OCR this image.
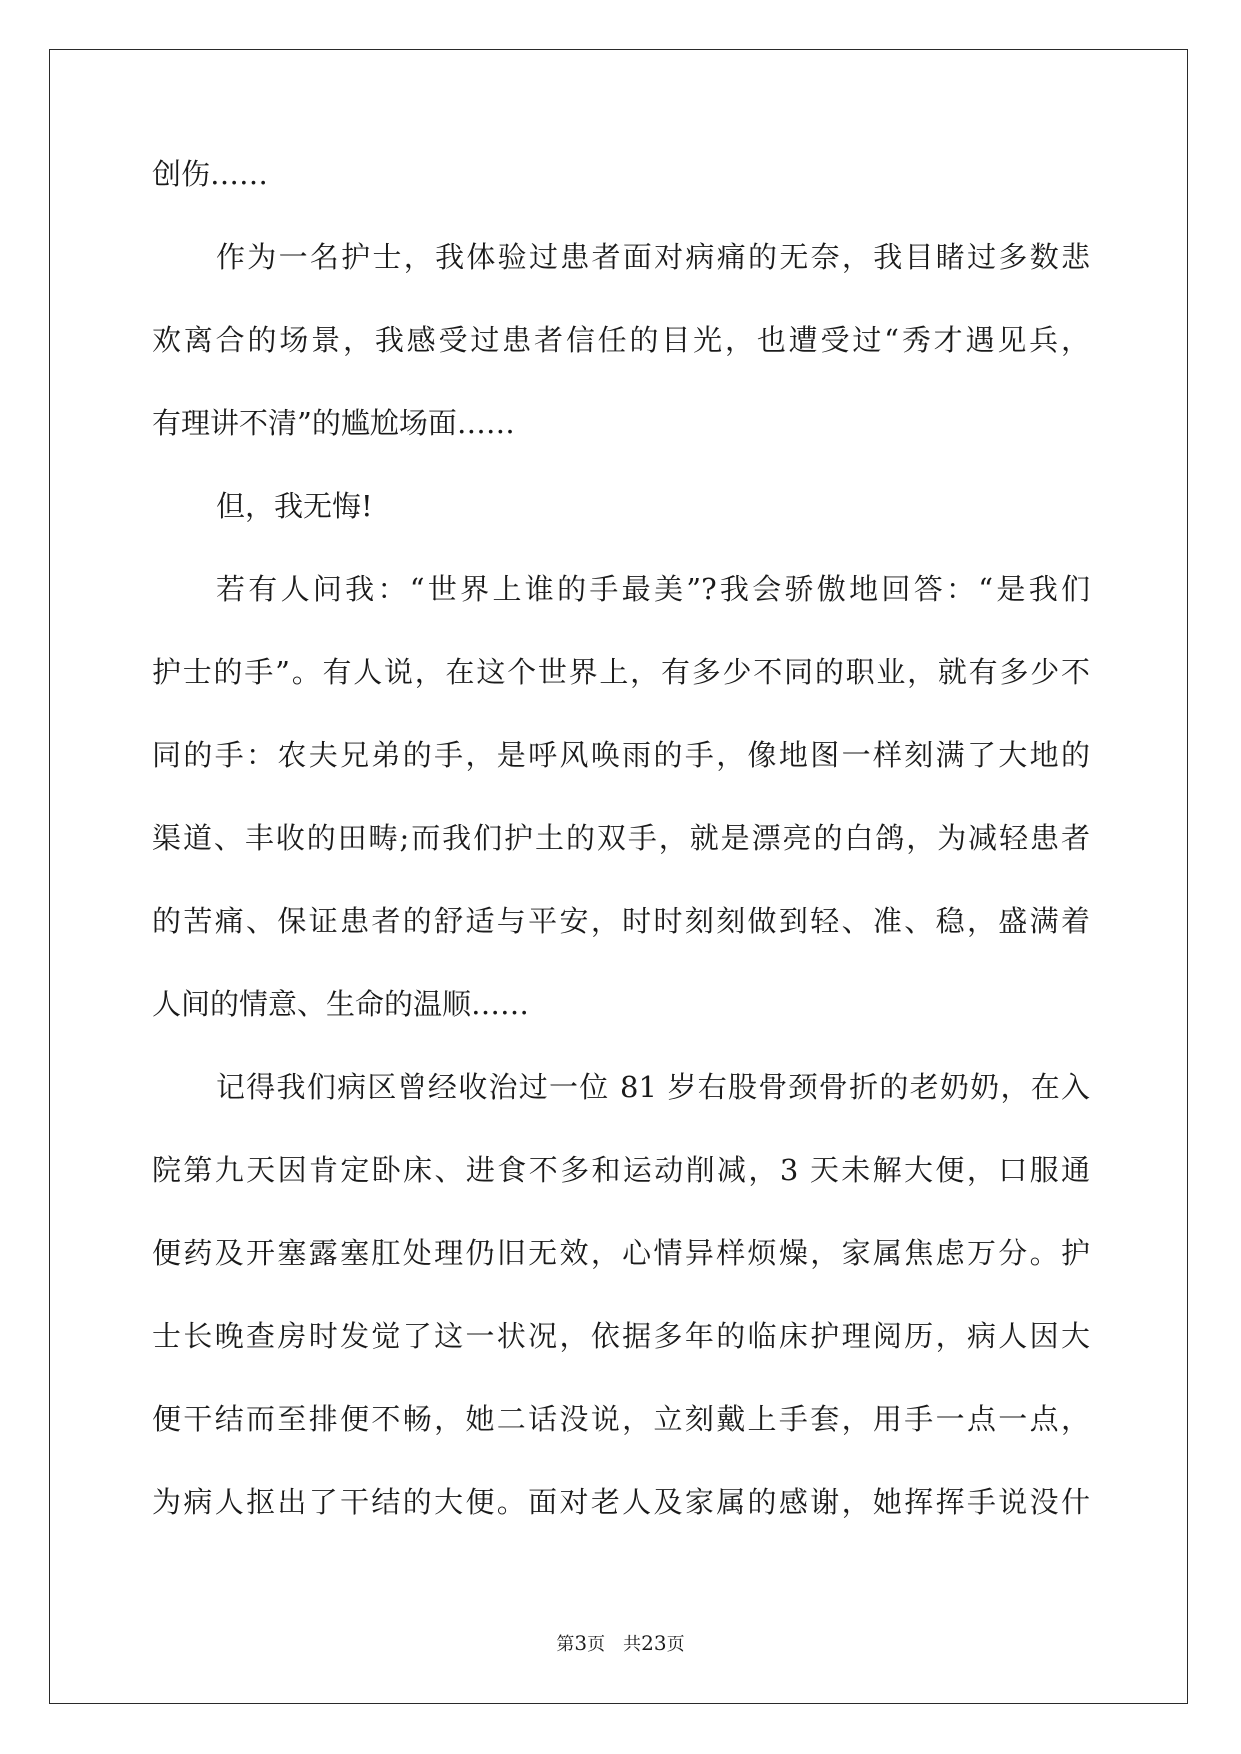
创伤……
作为一名护士，我体验过患者面对病痛的无奈，我目睹过多数悲
欢离合的场景，我感受过患者信任的目光，也遭受过“秀才遇见兵，
有理讲不清”的尴尬场面……
但，我无悔!
若有人问我：“世界上谁的手最美”?我会骄傲地回答：“是我们
护士的手”。有人说，在这个世界上，有多少不同的职业，就有多少不
同的手：农夫兄弟的手，是呼风唤雨的手，像地图一样刻满了大地的
渠道、丰收的田畴;而我们护土的双手，就是漂亮的白鸽，为减轻患者
的苦痛、保证患者的舒适与平安，时时刻刻做到轻、准、稳，盛满着
人间的情意、生命的温顺……
记得我们病区曾经收治过一位 81 岁右股骨颈骨折的老奶奶，在入
院第九天因肯定卧床、进食不多和运动削减，3 天未解大便，口服通
便药及开塞露塞肛处理仍旧无效，心情异样烦燥，家属焦虑万分。护
士长晚查房时发觉了这一状况，依据多年的临床护理阅历，病人因大
便干结而至排便不畅，她二话没说，立刻戴上手套，用手一点一点，
为病人抠出了干结的大便。面对老人及家属的感谢，她挥挥手说没什
第3页  共23页
